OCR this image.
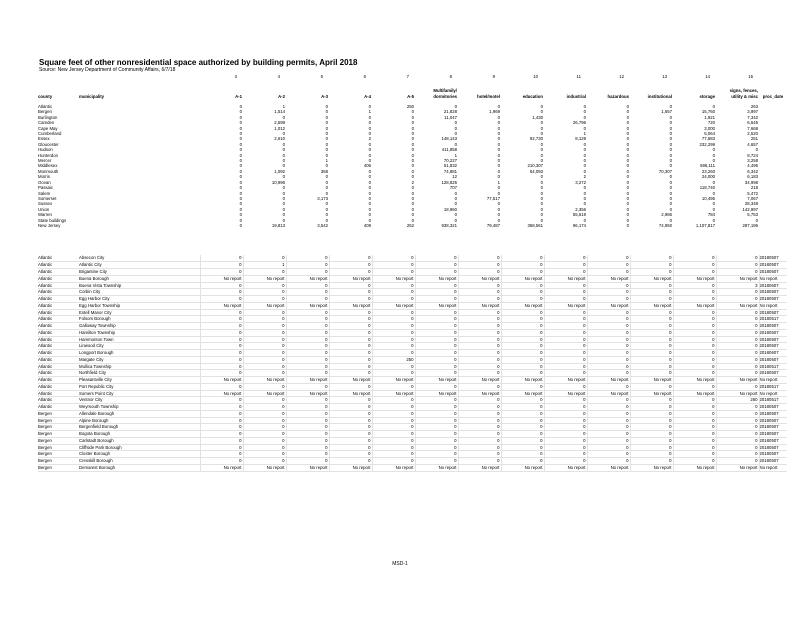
Square feet of other nonresidential space authorized by building permits, April 2018
Source: New Jersey Department of Community Affairs, 6/7/18
		3	4	5	6	7	8	9	10	11	12	13	14	15	
county	municipality	A-1	A-2	A-3	A-4	A-5	Multifamily/
dormitories	hotel/motel	education	industrial	hazardous	institutional	storage	signs, fences,
utility & misc	proc_date
Atlantic		0	1	0	0	250	0	0	0	0	0	0	0	263	
Bergen		0	1,514	0	1	0	21,828	1,969	0	0	0	1,657	15,760	3,997	
Burlington		0	0	0	0	0	11,047	0	1,430	0	0	0	1,921	7,342	
Camden		0	2,598	0	0	0	0	0	0	26,796	0	0	720	6,645	
Cape May		0	1,012	0	0	0	0	0	0	0	0	0	3,000	7,668	
Cumberland		0	0	0	0	0	0	0	0	1	0	0	5,064	2,520	
Essex		0	2,610	0	2	0	148,143	0	92,730	8,129	0	0	77,683	251	
Gloucester		0	0	0	0	0	0	0	0	0	0	0	232,299	4,657	
Hudson		0	0	0	0	0	411,858	0	0	0	0	0	0	0	
Hunterdon		0	0	0	0	0	1	0	0	0	0	0	0	8,724	
Mercer		0	0	1	0	0	70,227	0	0	0	0	0	0	3,258	
Middlesex		0	0	0	406	0	51,832	0	210,307	0	0	0	596,111	4,495	
Monmouth		0	1,092	368	0	0	74,881	0	64,093	0	0	70,307	23,260	6,342	
Morris		0	0	0	0	0	12	0	0	2	0	0	24,000	6,183	
Ocean		0	10,996	0	0	2	128,825	1	0	3,272	0	0	0	34,998	
Passaic		0	0	0	0	0	707	0	0	0	0	0	118,740	218	
Salem		0	0	0	0	0	0	0	0	0	0	0	0	5,472	
Somerset		0	0	3,173	0	0	0	77,517	0	0	0	0	10,495	7,067	
Sussex		0	0	0	0	0	0	0	0	0	0	0	0	28,348	
Union		0	0	0	0	0	18,960	0	0	2,356	0	0	0	142,997	
Warren		0	0	0	0	0	0	0	0	55,619	0	2,986	784	5,753	
State buildings		0	0	0	0	0	0	0	0	0	0	0	0	0	
New Jersey		0	19,813	3,542	409	252	938,321	79,487	368,561	96,174	0	74,950	1,107,817	287,196	
Atlantic	Absecon City	0	0	0	0	0	0	0	0	0	0	0	0	0	20180507
Atlantic	Atlantic City	0	1	0	0	0	0	0	0	0	0	0	0	0	20180507
Atlantic	Brigantine City	0	0	0	0	0	0	0	0	0	0	0	0	0	20180507
Atlantic	Buena Borough	No report	No report	No report	No report	No report	No report	No report	No report	No report	No report	No report	No report	No report	No report
Atlantic	Buena Vista Township	0	0	0	0	0	0	0	0	0	0	0	0	3	20180607
Atlantic	Corbin City	0	0	0	0	0	0	0	0	0	0	0	0	0	20180507
Atlantic	Egg Harbor City	0	0	0	0	0	0	0	0	0	0	0	0	0	20180507
Atlantic	Egg Harbor Township	No report	No report	No report	No report	No report	No report	No report	No report	No report	No report	No report	No report	No report	No report
Atlantic	Estell Manor City	0	0	0	0	0	0	0	0	0	0	0	0	0	20180507
Atlantic	Folsom Borough	0	0	0	0	0	0	0	0	0	0	0	0	0	20180517
Atlantic	Galloway Township	0	0	0	0	0	0	0	0	0	0	0	0	0	20180507
Atlantic	Hamilton Township	0	0	0	0	0	0	0	0	0	0	0	0	0	20180507
Atlantic	Hammonton Town	0	0	0	0	0	0	0	0	0	0	0	0	0	20180507
Atlantic	Linwood City	0	0	0	0	0	0	0	0	0	0	0	0	0	20180507
Atlantic	Longport Borough	0	0	0	0	0	0	0	0	0	0	0	0	0	20180607
Atlantic	Margate City	0	0	0	0	250	0	0	0	0	0	0	0	0	20180507
Atlantic	Mullica Township	0	0	0	0	0	0	0	0	0	0	0	0	0	20180517
Atlantic	Northfield City	0	0	0	0	0	0	0	0	0	0	0	0	0	20180507
Atlantic	Pleasantville City	No report	No report	No report	No report	No report	No report	No report	No report	No report	No report	No report	No report	No report	No report
Atlantic	Port Republic City	0	0	0	0	0	0	0	0	0	0	0	0	0	20180517
Atlantic	Somers Point City	No report	No report	No report	No report	No report	No report	No report	No report	No report	No report	No report	No report	No report	No report
Atlantic	Ventnor City	0	0	0	0	0	0	0	0	0	0	0	0	260	20180517
Atlantic	Weymouth Township	0	0	0	0	0	0	0	0	0	0	0	0	0	20180507
Bergen	Allendale Borough	0	0	0	0	0	0	0	0	0	0	0	0	0	20180507
Bergen	Alpine Borough	0	0	0	0	0	0	0	0	0	0	0	0	0	20180507
Bergen	Bergenfield Borough	0	0	0	0	0	0	0	0	0	0	0	0	0	20180507
Bergen	Bogota Borough	0	0	0	0	0	0	0	0	0	0	0	0	0	20180507
Bergen	Carlstadt Borough	0	0	0	0	0	0	0	0	0	0	0	0	0	20180507
Bergen	Cliffside Park Borough	0	0	0	0	0	0	0	0	0	0	0	0	0	20180507
Bergen	Closter Borough	0	0	0	0	0	0	0	0	0	0	0	0	0	20180507
Bergen	Cresskill Borough	0	0	0	0	0	0	0	0	0	0	0	0	0	20180507
Bergen	Demarest Borough	No report	No report	No report	No report	No report	No report	No report	No report	No report	No report	No report	No report	No report	No report
MSD-1
